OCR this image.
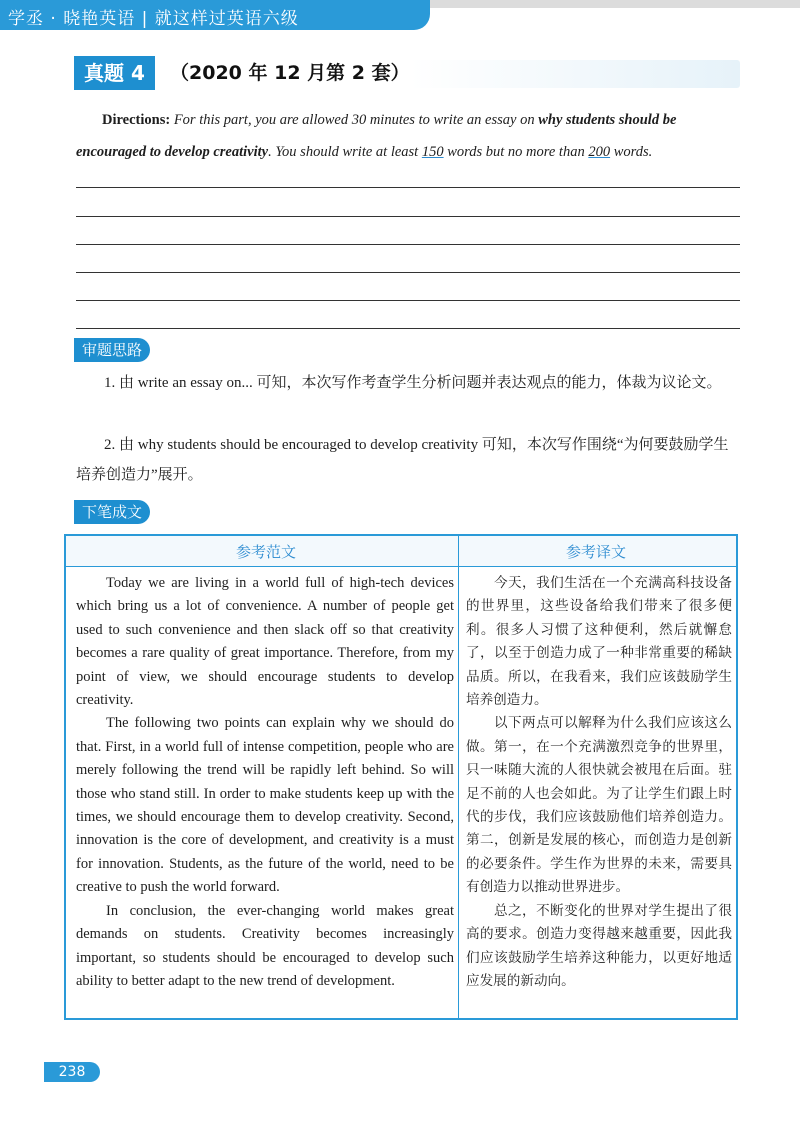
学丞 · 晓艳英语 | 就这样过英语六级
真题 4	（2020 年 12 月第 2 套）
Directions: For this part, you are allowed 30 minutes to write an essay on why students should be encouraged to develop creativity. You should write at least 150 words but no more than 200 words.
审题思路
1. 由 write an essay on... 可知，本次写作考查学生分析问题并表达观点的能力，体裁为议论文。
2. 由 why students should be encouraged to develop creativity 可知，本次写作围绕“为何要鼓励学生培养创造力”展开。
下笔成文
参考范文	参考译文

Today we are living in a world full of high-tech devices which bring us a lot of convenience. A number of people get used to such convenience and then slack off so that creativity becomes a rare quality of great importance. Therefore, from my point of view, we should encourage students to develop creativity.

The following two points can explain why we should do that. First, in a world full of intense competition, people who are merely following the trend will be rapidly left behind. So will those who stand still. In order to make students keep up with the times, we should encourage them to develop creativity. Second, innovation is the core of development, and creativity is a must for innovation. Students, as the future of the world, need to be creative to push the world forward.

In conclusion, the ever-changing world makes great demands on students. Creativity becomes increasingly important, so students should be encouraged to develop such ability to better adapt to the new trend of development.

今天，我们生活在一个充满高科技设备的世界里，这些设备给我们带来了很多便利。很多人习惯了这种便利，然后就懈怠了，以至于创造力成了一种非常重要的稀缺品质。所以，在我看来，我们应该鼓励学生培养创造力。

以下两点可以解释为什么我们应该这么做。第一，在一个充满激烈竞争的世界里，只一味随大流的人很快就会被甩在后面。驻足不前的人也会如此。为了让学生们跟上时代的步伐，我们应该鼓励他们培养创造力。第二，创新是发展的核心，而创造力是创新的必要条件。学生作为世界的未来，需要具有创造力以推动世界进步。

总之，不断变化的世界对学生提出了很高的要求。创造力变得越来越重要，因此我们应该鼓励学生培养这种能力，以更好地适应发展的新动向。

238
